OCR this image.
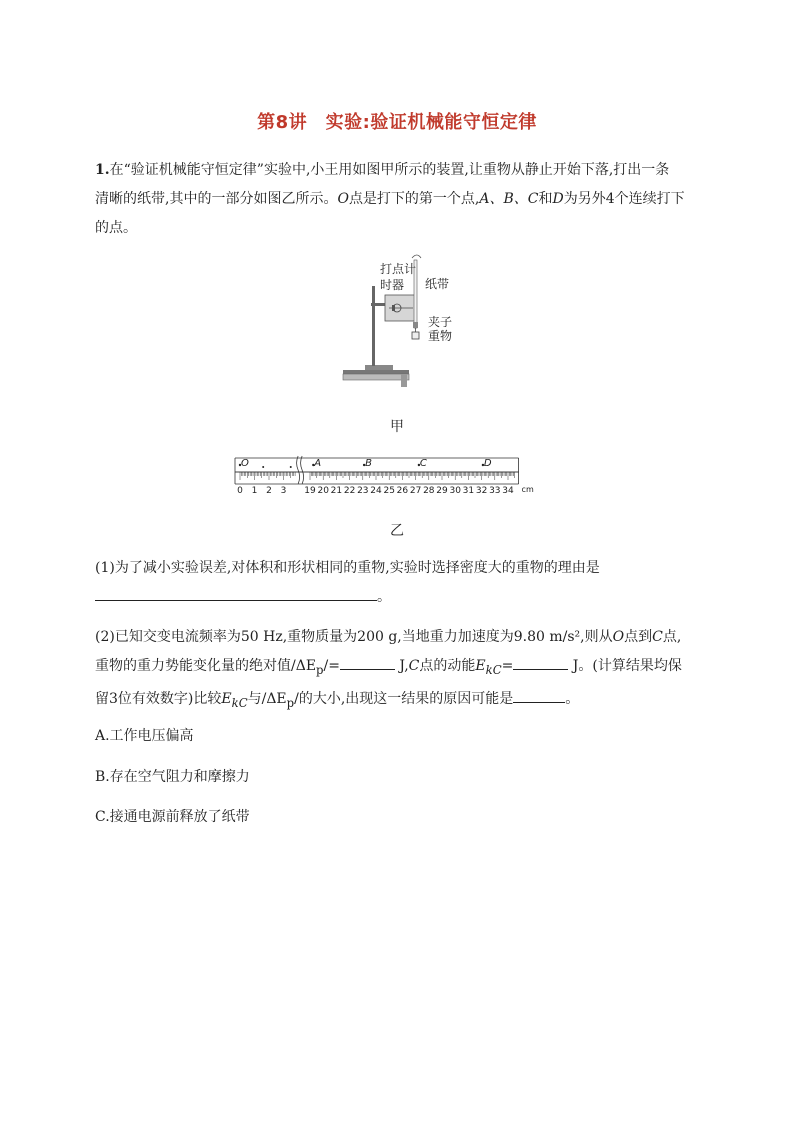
第8讲　实验:验证机械能守恒定律
1.在“验证机械能守恒定律”实验中,小王用如图甲所示的装置,让重物从静止开始下落,打出一条
清晰的纸带,其中的一部分如图乙所示。O点是打下的第一个点,A、B、C和D为另外4个连续打下
的点。
打点计
时器 纸带
夹子
重物
甲
0 1 2 3 19 20 21 22 23 24 25 26 27 28 29 30 31 32 33 34 cm
O	A	B	C	D
乙
(1)为了减小实验误差,对体积和形状相同的重物,实验时选择密度大的重物的理由是
。
(2)已知交变电流频率为50 Hz,重物质量为200 g,当地重力加速度为9.80 m/s²,则从O点到C点,
重物的重力势能变化量的绝对值$/\Delta E_p/=$	J,C点的动能$E_{kC}=$	J。(计算结果均保
留3位有效数字)比较$E_{kC}$与$/\Delta E_p/$的大小,出现这一结果的原因可能是	。
A.工作电压偏高
B.存在空气阻力和摩擦力
C.接通电源前释放了纸带
